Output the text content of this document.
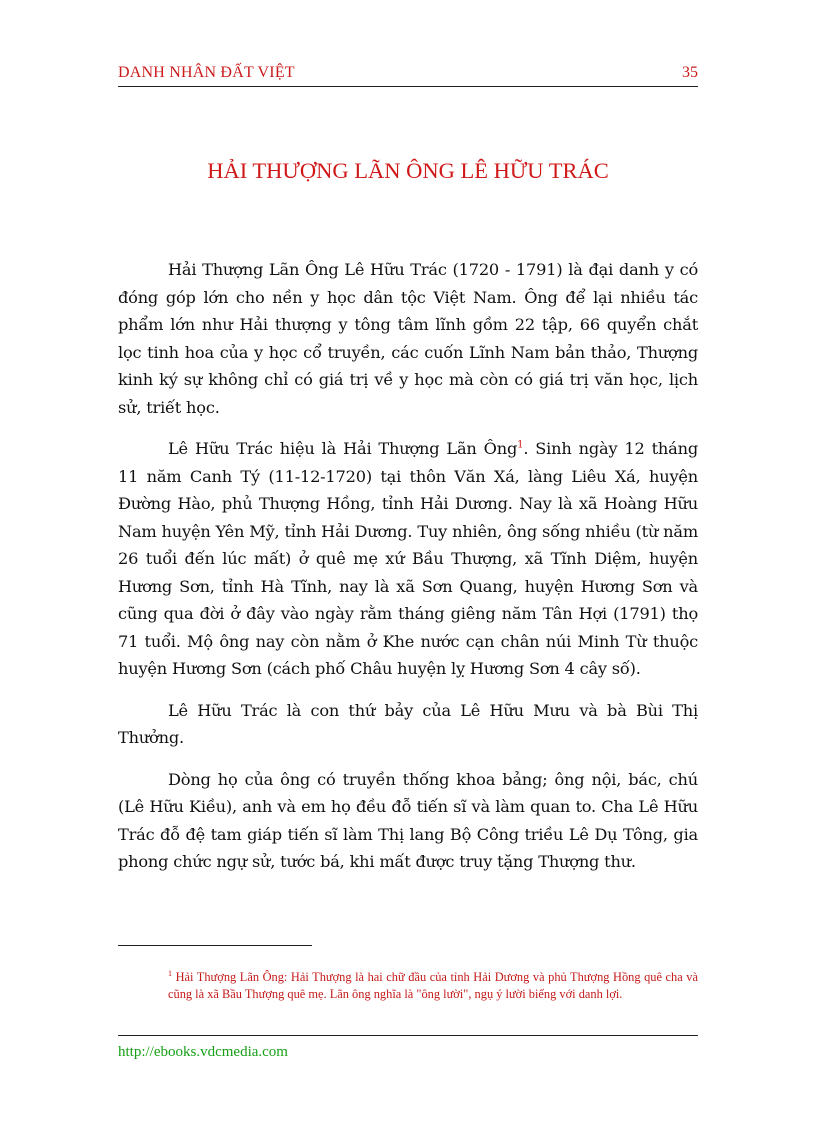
DANH NHÂN ĐẤT VIỆT	35
HẢI THƯỢNG LÃN ÔNG LÊ HỮU TRÁC

Hải Thượng Lãn Ông Lê Hữu Trác (1720 - 1791) là đại danh y có đóng góp lớn cho nền y học dân tộc Việt Nam. Ông để lại nhiều tác phẩm lớn như Hải thượng y tông tâm lĩnh gồm 22 tập, 66 quyển chắt lọc tinh hoa của y học cổ truyền, các cuốn Lĩnh Nam bản thảo, Thượng kinh ký sự không chỉ có giá trị về y học mà còn có giá trị văn học, lịch sử, triết học.

Lê Hữu Trác hiệu là Hải Thượng Lãn Ông$^1$. Sinh ngày 12 tháng 11 năm Canh Tý (11-12-1720) tại thôn Văn Xá, làng Liêu Xá, huyện Đường Hào, phủ Thượng Hồng, tỉnh Hải Dương. Nay là xã Hoàng Hữu Nam huyện Yên Mỹ, tỉnh Hải Dương. Tuy nhiên, ông sống nhiều (từ năm 26 tuổi đến lúc mất) ở quê mẹ xứ Bầu Thượng, xã Tĩnh Diệm, huyện Hương Sơn, tỉnh Hà Tĩnh, nay là xã Sơn Quang, huyện Hương Sơn và cũng qua đời ở đây vào ngày rằm tháng giêng năm Tân Hợi (1791) thọ 71 tuổi. Mộ ông nay còn nằm ở Khe nước cạn chân núi Minh Từ thuộc huyện Hương Sơn (cách phố Châu huyện lỵ Hương Sơn 4 cây số).

Lê Hữu Trác là con thứ bảy của Lê Hữu Mưu và bà Bùi Thị Thưởng.

Dòng họ của ông có truyền thống khoa bảng; ông nội, bác, chú (Lê Hữu Kiều), anh và em họ đều đỗ tiến sĩ và làm quan to. Cha Lê Hữu Trác đỗ đệ tam giáp tiến sĩ làm Thị lang Bộ Công triều Lê Dụ Tông, gia phong chức ngự sử, tước bá, khi mất được truy tặng Thượng thư.

$^1$ Hải Thượng Lãn Ông: Hải Thượng là hai chữ đầu của tỉnh Hải Dương và phủ Thượng Hồng quê cha và cũng là xã Bầu Thượng quê mẹ. Lãn ông nghĩa là "ông lười", ngụ ý lười biếng với danh lợi.
http://ebooks.vdcmedia.com
